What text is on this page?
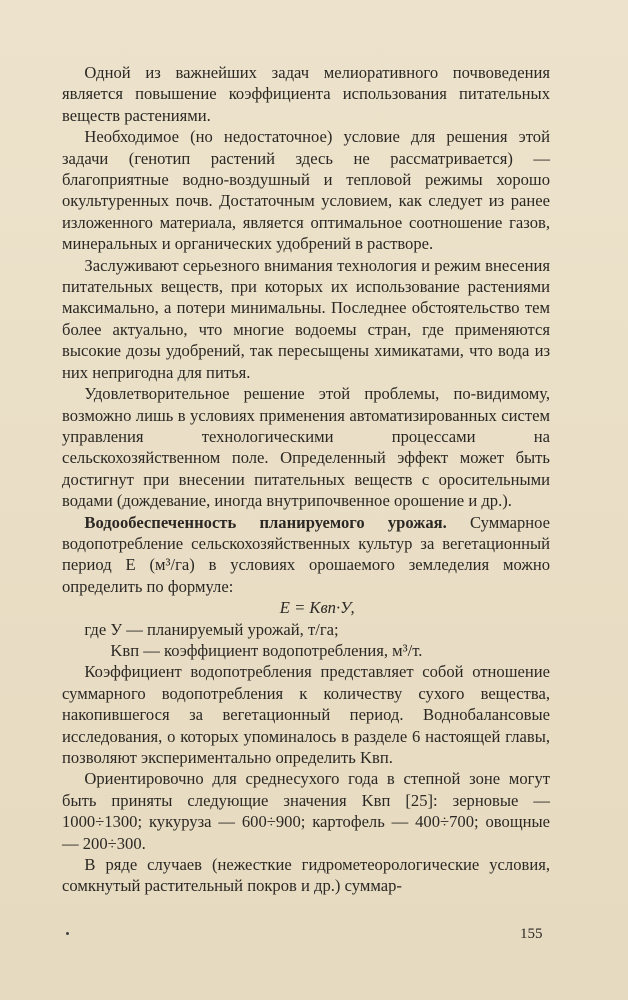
Одной из важнейших задач мелиоративного почвоведения является повышение коэффициента использования питательных веществ растениями.

Необходимое (но недостаточное) условие для решения этой задачи (генотип растений здесь не рассматривается) — благоприятные водно-воздушный и тепловой режимы хорошо окультуренных почв. Достаточным условием, как следует из ранее изложенного материала, является оптимальное соотношение газов, минеральных и органических удобрений в растворе.

Заслуживают серьезного внимания технология и режим внесения питательных веществ, при которых их использование растениями максимально, а потери минимальны. Последнее обстоятельство тем более актуально, что многие водоемы стран, где применяются высокие дозы удобрений, так пересыщены химикатами, что вода из них непригодна для питья.

Удовлетворительное решение этой проблемы, по-видимому, возможно лишь в условиях применения автоматизированных систем управления технологическими процессами на сельскохозяйственном поле. Определенный эффект может быть достигнут при внесении питательных веществ с оросительными водами (дождевание, иногда внутрипочвенное орошение и др.).

Водообеспеченность планируемого урожая. Суммарное водопотребление сельскохозяйственных культур за вегетационный период Е (м³/га) в условиях орошаемого земледелия можно определить по формуле:

E = Kвп·У,

где У — планируемый урожай, т/га;

Kвп — коэффициент водопотребления, м³/т.

Коэффициент водопотребления представляет собой отношение суммарного водопотребления к количеству сухого вещества, накопившегося за вегетационный период. Воднобалансовые исследования, о которых упоминалось в разделе 6 настоящей главы, позволяют экспериментально определить Kвп.

Ориентировочно для среднесухого года в степной зоне могут быть приняты следующие значения Kвп [25]: зерновые — 1000÷1300; кукуруза — 600÷900; картофель — 400÷700; овощные — 200÷300.

В ряде случаев (нежесткие гидрометеорологические условия, сомкнутый растительный покров и др.) суммар-

155
